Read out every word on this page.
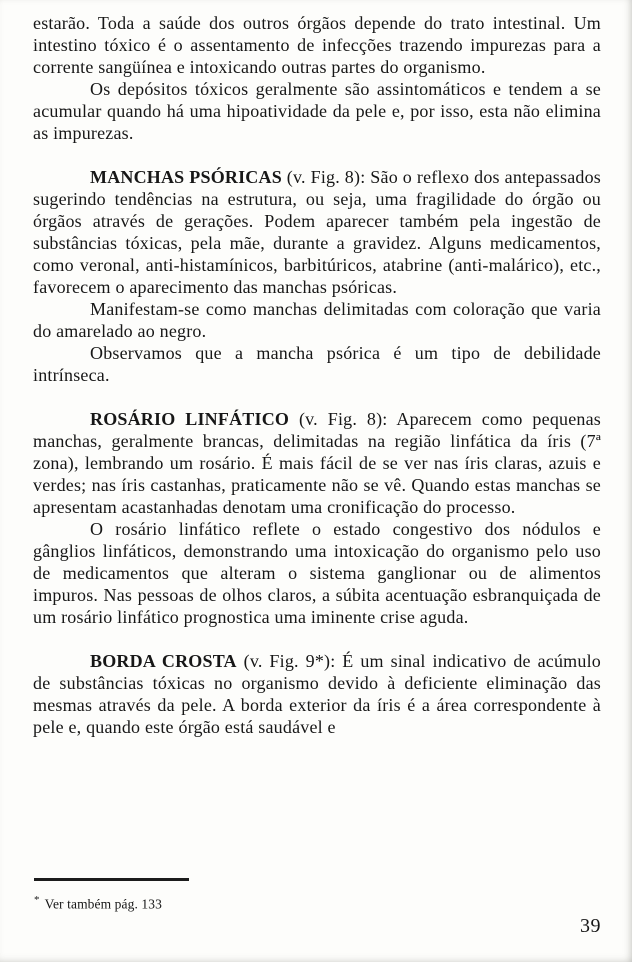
estarão. Toda a saúde dos outros órgãos depende do trato intestinal. Um intestino tóxico é o assentamento de infecções trazendo impurezas para a corrente sangüínea e intoxicando outras partes do organismo.

Os depósitos tóxicos geralmente são assintomáticos e tendem a se acumular quando há uma hipoatividade da pele e, por isso, esta não elimina as impurezas.

MANCHAS PSÓRICAS (v. Fig. 8): São o reflexo dos antepassados sugerindo tendências na estrutura, ou seja, uma fragilidade do órgão ou órgãos através de gerações. Podem aparecer também pela ingestão de substâncias tóxicas, pela mãe, durante a gravidez. Alguns medicamentos, como veronal, anti-histamínicos, barbitúricos, atabrine (anti-malárico), etc., favorecem o aparecimento das manchas psóricas.

Manifestam-se como manchas delimitadas com coloração que varia do amarelado ao negro.

Observamos que a mancha psórica é um tipo de debilidade intrínseca.

ROSÁRIO LINFÁTICO (v. Fig. 8): Aparecem como pequenas manchas, geralmente brancas, delimitadas na região linfática da íris (7ª zona), lembrando um rosário. É mais fácil de se ver nas íris claras, azuis e verdes; nas íris castanhas, praticamente não se vê. Quando estas manchas se apresentam acastanhadas denotam uma cronificação do processo.

O rosário linfático reflete o estado congestivo dos nódulos e gânglios linfáticos, demonstrando uma intoxicação do organismo pelo uso de medicamentos que alteram o sistema ganglionar ou de alimentos impuros. Nas pessoas de olhos claros, a súbita acentuação esbranquiçada de um rosário linfático prognostica uma iminente crise aguda.

BORDA CROSTA (v. Fig. 9*): É um sinal indicativo de acúmulo de substâncias tóxicas no organismo devido à deficiente eliminação das mesmas através da pele. A borda exterior da íris é a área correspondente à pele e, quando este órgão está saudável e

* Ver também pág. 133
39
